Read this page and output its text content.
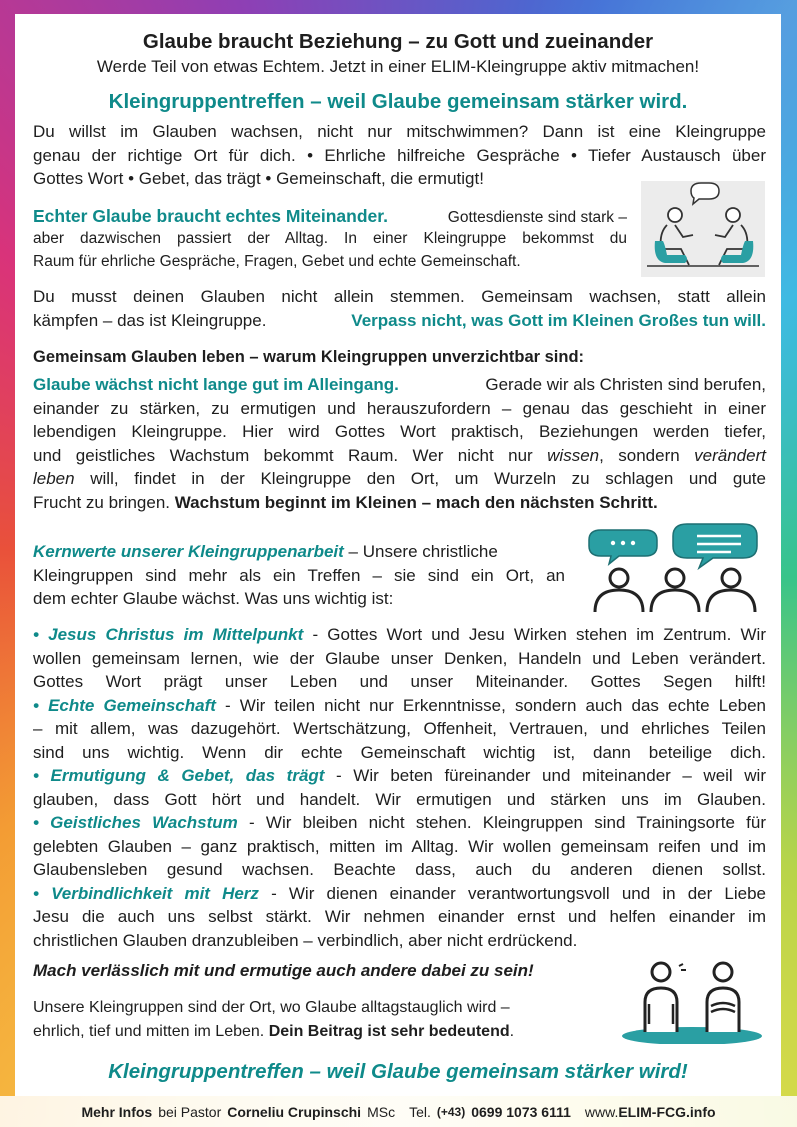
Glaube braucht Beziehung – zu Gott und zueinander
Werde Teil von etwas Echtem. Jetzt in einer ELIM-Kleingruppe aktiv mitmachen!
Kleingruppentreffen – weil Glaube gemeinsam stärker wird.
Du willst im Glauben wachsen, nicht nur mitschwimmen? Dann ist eine Kleingruppe
genau der richtige Ort für dich. • Ehrliche hilfreiche Gespräche • Tiefer Austausch über
Gottes Wort • Gebet, das trägt • Gemeinschaft, die ermutigt!
Echter Glaube braucht echtes Miteinander.	Gottesdienste sind stark –
aber dazwischen passiert der Alltag. In einer Kleingruppe bekommst du
Raum für ehrliche Gespräche, Fragen, Gebet und echte Gemeinschaft.
Du musst deinen Glauben nicht allein stemmen. Gemeinsam wachsen, statt allein
kämpfen – das ist Kleingruppe.	Verpass nicht, was Gott im Kleinen Großes tun will.
Gemeinsam Glauben leben – warum Kleingruppen unverzichtbar sind:
Glaube wächst nicht lange gut im Alleingang.	Gerade wir als Christen sind berufen,
einander zu stärken, zu ermutigen und herauszufordern – genau das geschieht in einer
lebendigen Kleingruppe. Hier wird Gottes Wort praktisch, Beziehungen werden tiefer,
und geistliches Wachstum bekommt Raum. Wer nicht nur wissen, sondern verändert
leben will, findet in der Kleingruppe den Ort, um Wurzeln zu schlagen und gute
Frucht zu bringen. Wachstum beginnt im Kleinen – mach den nächsten Schritt.
Kernwerte unserer Kleingruppenarbeit – Unsere christliche
Kleingruppen sind mehr als ein Treffen – sie sind ein Ort, an
dem echter Glaube wächst. Was uns wichtig ist:
• Jesus Christus im Mittelpunkt - Gottes Wort und Jesu Wirken stehen im Zentrum. Wir
wollen gemeinsam lernen, wie der Glaube unser Denken, Handeln und Leben verändert.
Gottes Wort prägt unser Leben und unser Miteinander. Gottes Segen hilft!
• Echte Gemeinschaft - Wir teilen nicht nur Erkenntnisse, sondern auch das echte Leben
– mit allem, was dazugehört. Wertschätzung, Offenheit, Vertrauen, und ehrliches Teilen
sind uns wichtig. Wenn dir echte Gemeinschaft wichtig ist, dann beteilige dich.
• Ermutigung & Gebet, das trägt - Wir beten füreinander und miteinander – weil wir
glauben, dass Gott hört und handelt. Wir ermutigen und stärken uns im Glauben.
• Geistliches Wachstum - Wir bleiben nicht stehen. Kleingruppen sind Trainingsorte für
gelebten Glauben – ganz praktisch, mitten im Alltag. Wir wollen gemeinsam reifen und im
Glaubensleben gesund wachsen. Beachte dass, auch du anderen dienen sollst.
• Verbindlichkeit mit Herz - Wir dienen einander verantwortungsvoll und in der Liebe
Jesu die auch uns selbst stärkt. Wir nehmen einander ernst und helfen einander im
christlichen Glauben dranzubleiben – verbindlich, aber nicht erdrückend.
Mach verlässlich mit und ermutige auch andere dabei zu sein!
Unsere Kleingruppen sind der Ort, wo Glaube alltagstauglich wird –
ehrlich, tief und mitten im Leben. Dein Beitrag ist sehr bedeutend.
Kleingruppentreffen – weil Glaube gemeinsam stärker wird!
Mehr Infos bei Pastor Corneliu Crupinschi MSc Tel. (+43) 0699 1073 6111 www.ELIM-FCG.info
